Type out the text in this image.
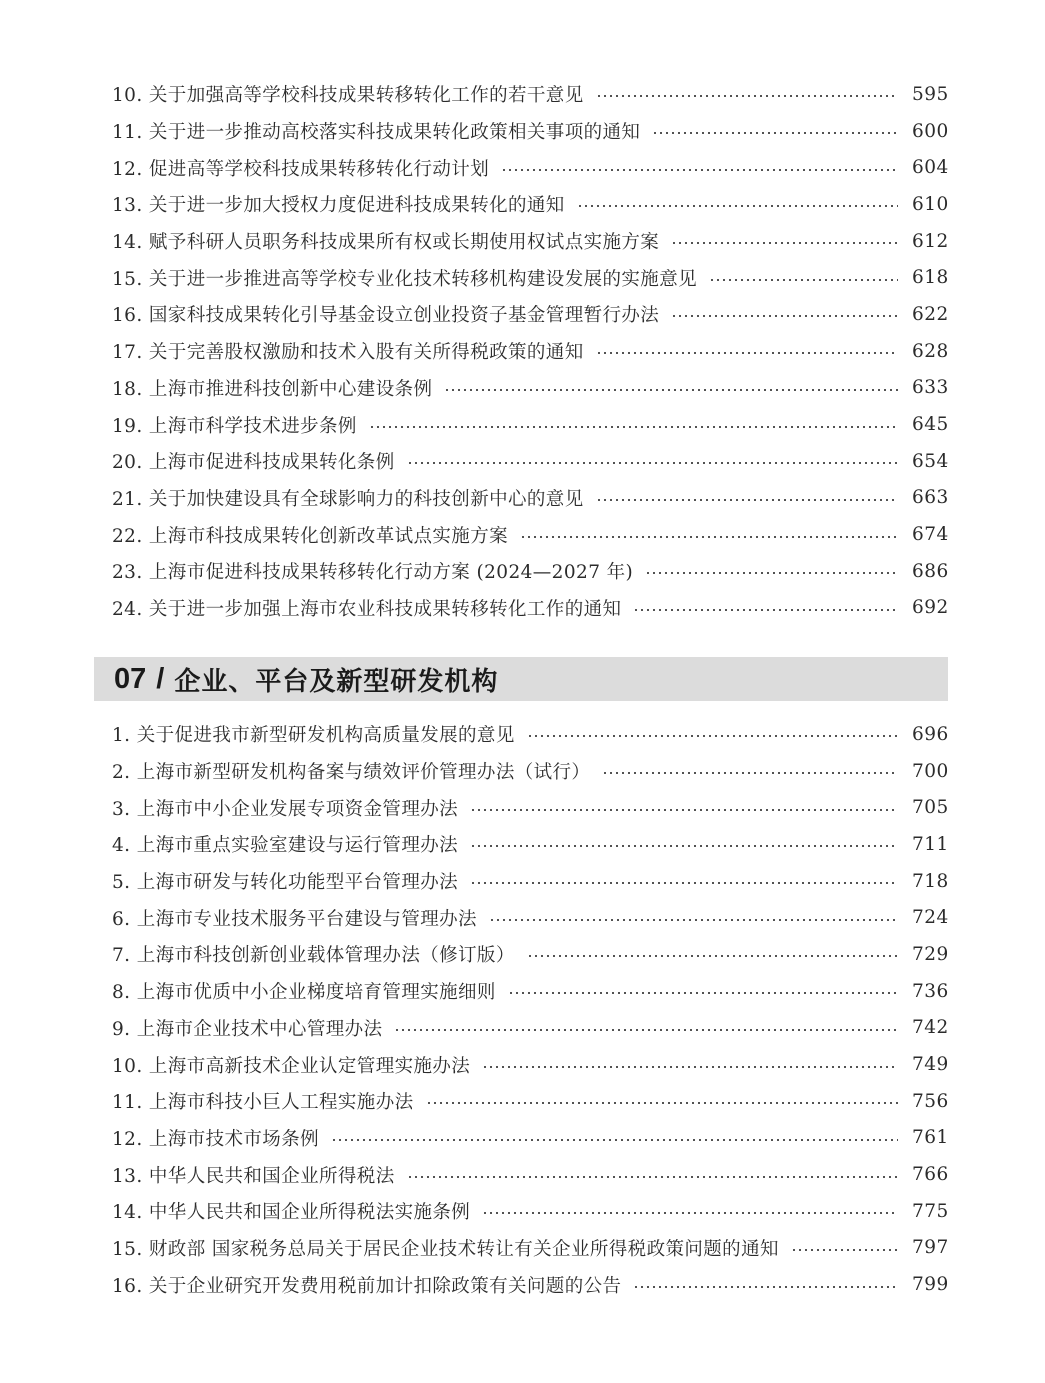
10. 关于加强高等学校科技成果转移转化工作的若干意见	595
11. 关于进一步推动高校落实科技成果转化政策相关事项的通知	600
12. 促进高等学校科技成果转移转化行动计划	604
13. 关于进一步加大授权力度促进科技成果转化的通知	610
14. 赋予科研人员职务科技成果所有权或长期使用权试点实施方案	612
15. 关于进一步推进高等学校专业化技术转移机构建设发展的实施意见	618
16. 国家科技成果转化引导基金设立创业投资子基金管理暂行办法	622
17. 关于完善股权激励和技术入股有关所得税政策的通知	628
18. 上海市推进科技创新中心建设条例	633
19. 上海市科学技术进步条例	645
20. 上海市促进科技成果转化条例	654
21. 关于加快建设具有全球影响力的科技创新中心的意见	663
22. 上海市科技成果转化创新改革试点实施方案	674
23. 上海市促进科技成果转移转化行动方案 (2024—2027 年)	686
24. 关于进一步加强上海市农业科技成果转移转化工作的通知	692
07 / 企业、平台及新型研发机构
1. 关于促进我市新型研发机构高质量发展的意见	696
2. 上海市新型研发机构备案与绩效评价管理办法（试行）	700
3. 上海市中小企业发展专项资金管理办法	705
4. 上海市重点实验室建设与运行管理办法	711
5. 上海市研发与转化功能型平台管理办法	718
6. 上海市专业技术服务平台建设与管理办法	724
7. 上海市科技创新创业载体管理办法（修订版）	729
8. 上海市优质中小企业梯度培育管理实施细则	736
9. 上海市企业技术中心管理办法	742
10. 上海市高新技术企业认定管理实施办法	749
11. 上海市科技小巨人工程实施办法	756
12. 上海市技术市场条例	761
13. 中华人民共和国企业所得税法	766
14. 中华人民共和国企业所得税法实施条例	775
15. 财政部 国家税务总局关于居民企业技术转让有关企业所得税政策问题的通知	797
16. 关于企业研究开发费用税前加计扣除政策有关问题的公告	799
